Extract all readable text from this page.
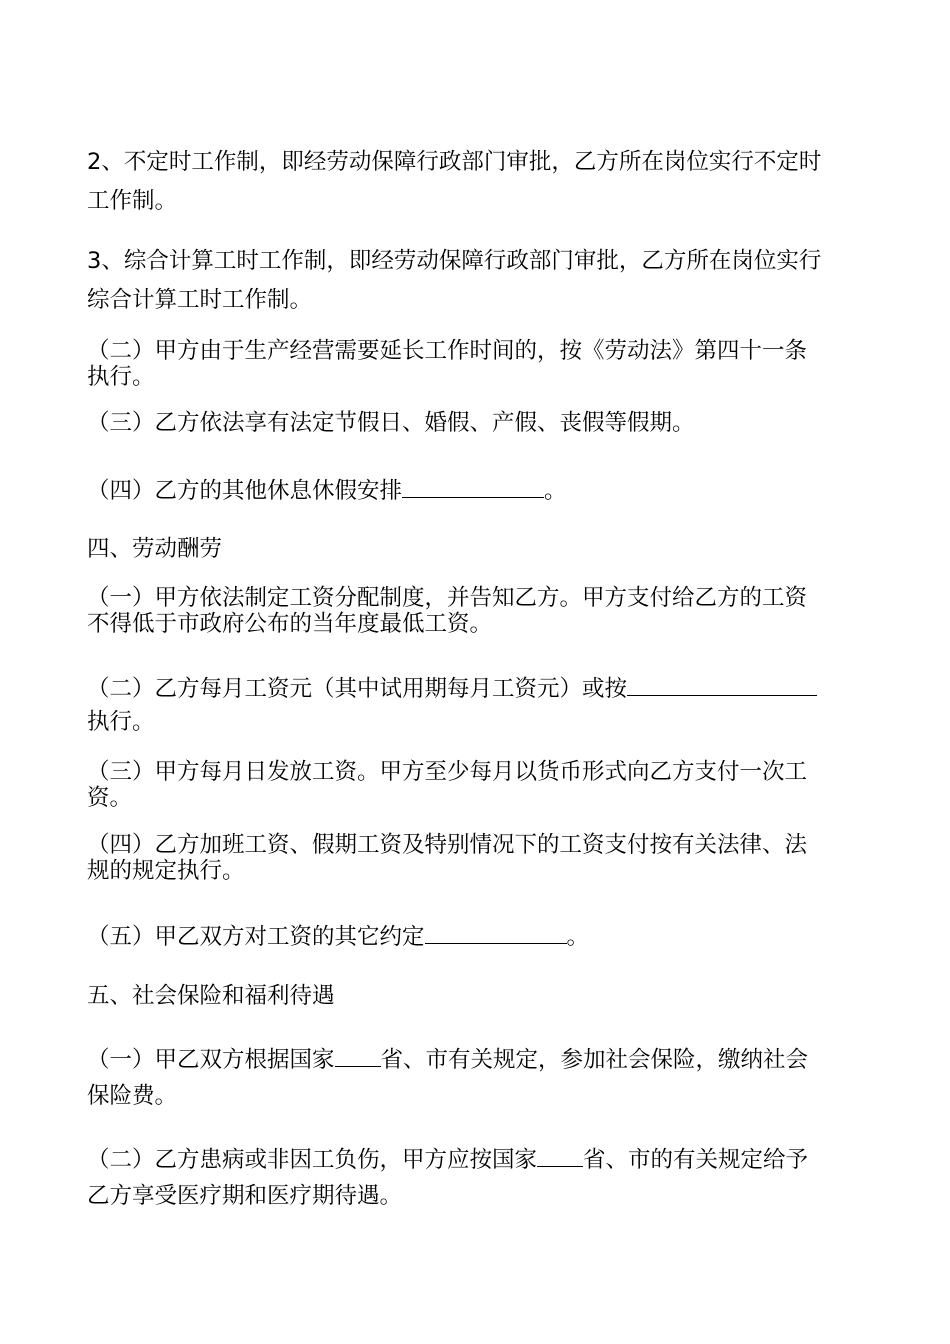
2、不定时工作制，即经劳动保障行政部门审批，乙方所在岗位实行不定时

工作制。

3、综合计算工时工作制，即经劳动保障行政部门审批，乙方所在岗位实行

综合计算工时工作制。

（二）甲方由于生产经营需要延长工作时间的，按《劳动法》第四十一条

执行。

（三）乙方依法享有法定节假日、婚假、产假、丧假等假期。

（四）乙方的其他休息休假安排	。

四、劳动酬劳

（一）甲方依法制定工资分配制度，并告知乙方。甲方支付给乙方的工资

不得低于市政府公布的当年度最低工资。

（二）乙方每月工资元（其中试用期每月工资元）或按

执行。

（三）甲方每月日发放工资。甲方至少每月以货币形式向乙方支付一次工

资。

（四）乙方加班工资、假期工资及特别情况下的工资支付按有关法律、法

规的规定执行。

（五）甲乙双方对工资的其它约定	。

五、社会保险和福利待遇

（一）甲乙双方根据国家 省、市有关规定，参加社会保险，缴纳社会

保险费。

（二）乙方患病或非因工负伤，甲方应按国家 省、市的有关规定给予

乙方享受医疗期和医疗期待遇。
